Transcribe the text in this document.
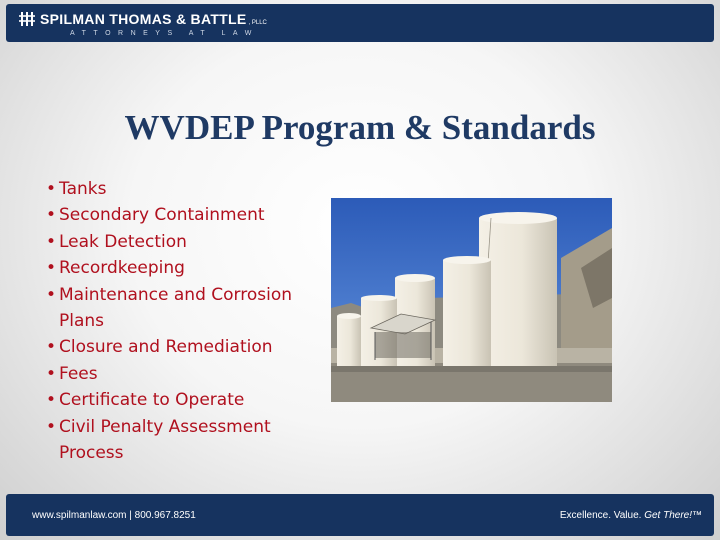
SPILMAN THOMAS & BATTLE , PLLC
ATTORNEYS AT LAW
WVDEP Program & Standards
• Tanks
• Secondary Containment
• Leak Detection
• Recordkeeping
• Maintenance and Corrosion Plans
• Closure and Remediation
• Fees
• Certificate to Operate
• Civil Penalty Assessment Process
www.spilmanlaw.com | 800.967.8251	Excellence. Value. Get There!™
